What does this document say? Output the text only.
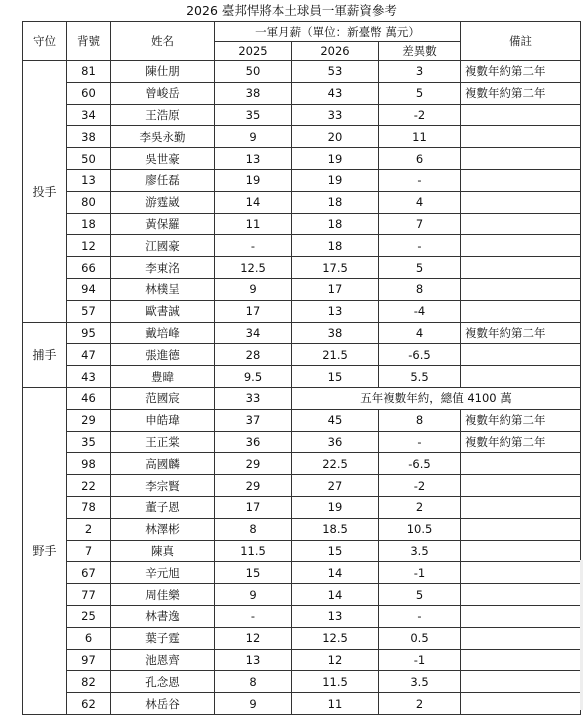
2026 臺邦悍將本土球員一軍薪資參考
守位	背號	姓名	一軍月薪（單位：新臺幣 萬元）			備註	
			2025	2026	差異數		
投手	81	陳仕朋	50	53	3	複數年約第二年	
	60	曾峻岳	38	43	5	複數年約第二年	
	34	王浩原	35	33	-2		
	38	李吳永勤	9	20	11		
	50	吳世豪	13	19	6		
	13	廖任磊	19	19	-		
	80	游霆崴	14	18	4		
	18	黃保羅	11	18	7		
	12	江國豪	-	18	-		
	66	李東洺	12.5	17.5	5		
	94	林樸呈	9	17	8		
	57	歐書誠	17	13	-4		
捕手	95	戴培峰	34	38	4	複數年約第二年	
	47	張進德	28	21.5	-6.5		
	43	豊暐	9.5	15	5.5		
野手	46	范國宸	33	五年複數年約，總值 4100 萬			
	29	申皓瑋	37	45	8	複數年約第二年	
	35	王正棠	36	36	-	複數年約第二年	
	98	高國麟	29	22.5	-6.5		
	22	李宗賢	29	27	-2		
	78	董子恩	17	19	2		
	2	林澤彬	8	18.5	10.5		
	7	陳真	11.5	15	3.5		
	67	辛元旭	15	14	-1		
	77	周佳樂	9	14	5		
	25	林書逸	-	13	-		
	6	葉子霆	12	12.5	0.5		
	97	池恩齊	13	12	-1		
	82	孔念恩	8	11.5	3.5		
	62	林岳谷	9	11	2		
